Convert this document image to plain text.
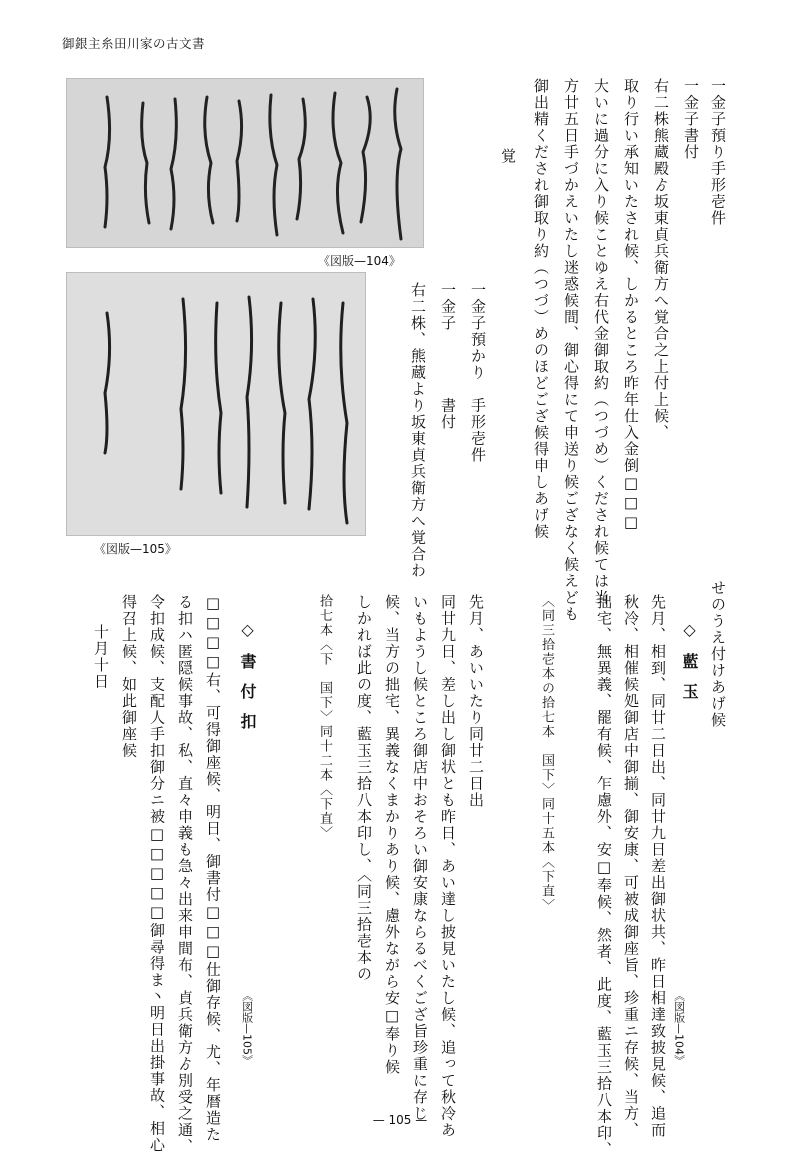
御銀主糸田川家の古文書
《図版—104》
《図版—105》
一金子預り手形壱件
一金子書付
右二株熊蔵殿ゟ坂東貞兵衛方へ覚合之上付上候、
取り行い承知いたされ候、しかるところ昨年仕入金倒□□□
大いに過分に入り候ことゆえ右代金御取約（つづめ）くだされ候ては当
方廿五日手づかえいたし迷惑候間、御心得にて申送り候ござなく候えども
御出精くだされ御取り約（つづ）めのほどござ候得申しあげ候
覚
一金子預かり　手形壱件
一金子　　　　書付
右二株、熊蔵より坂東貞兵衛方へ覚合わ
せのうえ付けあげ候
◇藍玉
《図版—104》
先月、相到、同廿二日出、同廿九日差出御状共、昨日相達致披見候、追而
秋冷、相催候処御店中御揃、御安康、可被成御座旨、珍重ニ存候、当方、
拙宅、無異義、罷有候、乍慮外、安□奉候、然者、此度、藍玉三拾八本印、
〈同三拾壱本の拾七本　国下〉同十五本〈下直〉
先月、あいいたり同廿二日出
同廿九日、差し出し御状とも昨日、あい達し披見いたし候、追って秋冷あ
いもようし候ところ御店中おそろい御安康ならるべくござ旨珍重に存じ
候、当方の拙宅、異義なくまかりあり候、慮外ながら安□奉り候
しかれば此の度、藍玉三拾八本印し、〈同三拾壱本の
拾七本〈下　国下〉同十二本〈下直〉
◇書付扣
《図版—105》
□□□□右、可得御座候、明日、御書付□□□仕御存候、尤、年暦造た
る扣ハ匿隠候事故、私、直々申義も急々出来申間布、貞兵衛方ゟ別受之通、
令扣成候、支配人手扣御分ニ被□□□□□御尋得ま丶明日出掛事故、相心
得召上候、如此御座候
十月十日
— 105 —
